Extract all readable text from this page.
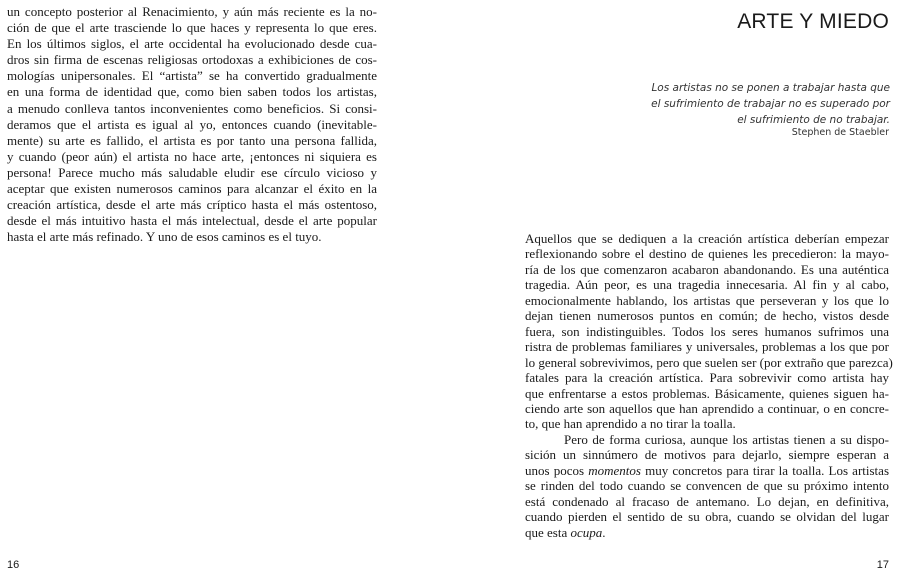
un concepto posterior al Renacimiento, y aún más reciente es la no-
ción de que el arte trasciende lo que haces y representa lo que eres.
En los últimos siglos, el arte occidental ha evolucionado desde cua-
dros sin firma de escenas religiosas ortodoxas a exhibiciones de cos-
mologías unipersonales. El “artista” se ha convertido gradualmente
en una forma de identidad que, como bien saben todos los artistas,
a menudo conlleva tantos inconvenientes como beneficios. Si consi-
deramos que el artista es igual al yo, entonces cuando (inevitable-
mente) su arte es fallido, el artista es por tanto una persona fallida,
y cuando (peor aún) el artista no hace arte, ¡entonces ni siquiera es
persona! Parece mucho más saludable eludir ese círculo vicioso y
aceptar que existen numerosos caminos para alcanzar el éxito en la
creación artística, desde el arte más críptico hasta el más ostentoso,
desde el más intuitivo hasta el más intelectual, desde el arte popular
hasta el arte más refinado. Y uno de esos caminos es el tuyo.

16
ARTE Y MIEDO

Los artistas no se ponen a trabajar hasta que
el sufrimiento de trabajar no es superado por
el sufrimiento de no trabajar.

Stephen de Staebler

Aquellos que se dediquen a la creación artística deberían empezar
reflexionando sobre el destino de quienes les precedieron: la mayo-
ría de los que comenzaron acabaron abandonando. Es una auténtica
tragedia. Aún peor, es una tragedia innecesaria. Al fin y al cabo,
emocionalmente hablando, los artistas que perseveran y los que lo
dejan tienen numerosos puntos en común; de hecho, vistos desde
fuera, son indistinguibles. Todos los seres humanos sufrimos una
ristra de problemas familiares y universales, problemas a los que por
lo general sobrevivimos, pero que suelen ser (por extraño que parezca)
fatales para la creación artística. Para sobrevivir como artista hay
que enfrentarse a estos problemas. Básicamente, quienes siguen ha-
ciendo arte son aquellos que han aprendido a continuar, o en concre-
to, que han aprendido a no tirar la toalla.
Pero de forma curiosa, aunque los artistas tienen a su dispo-
sición un sinnúmero de motivos para dejarlo, siempre esperan a
unos pocos momentos muy concretos para tirar la toalla. Los artistas
se rinden del todo cuando se convencen de que su próximo intento
está condenado al fracaso de antemano. Lo dejan, en definitiva,
cuando pierden el sentido de su obra, cuando se olvidan del lugar
que esta ocupa.
17
